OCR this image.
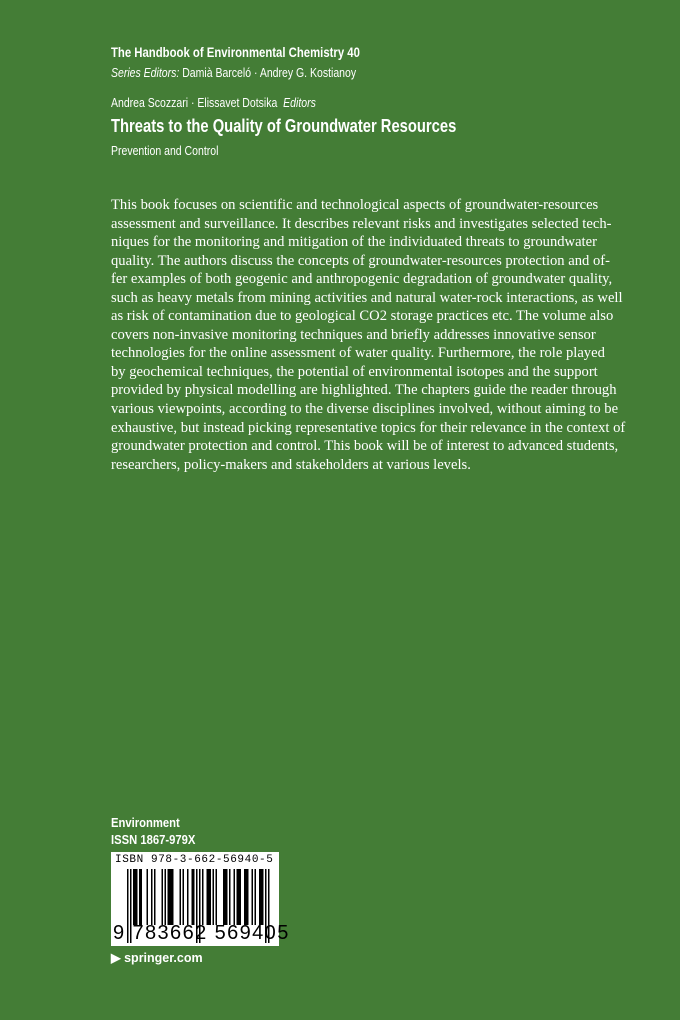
The Handbook of Environmental Chemistry 40
Series Editors: Damià Barceló · Andrey G. Kostianoy
Andrea Scozzari · Elissavet Dotsika Editors
Threats to the Quality of Groundwater Resources
Prevention and Control
This book focuses on scientific and technological aspects of groundwater-resources
assessment and surveillance. It describes relevant risks and investigates selected tech-
niques for the monitoring and mitigation of the individuated threats to groundwater
quality. The authors discuss the concepts of groundwater-resources protection and of-
fer examples of both geogenic and anthropogenic degradation of groundwater quality,
such as heavy metals from mining activities and natural water-rock interactions, as well
as risk of contamination due to geological CO2 storage practices etc. The volume also
covers non-invasive monitoring techniques and briefly addresses innovative sensor
technologies for the online assessment of water quality. Furthermore, the role played
by geochemical techniques, the potential of environmental isotopes and the support
provided by physical modelling are highlighted. The chapters guide the reader through
various viewpoints, according to the diverse disciplines involved, without aiming to be
exhaustive, but instead picking representative topics for their relevance in the context of
groundwater protection and control. This book will be of interest to advanced students,
researchers, policy-makers and stakeholders at various levels.
Environment
ISSN 1867-979X
ISBN 978-3-662-56940-5
9 783662 569405
▶ springer.com
